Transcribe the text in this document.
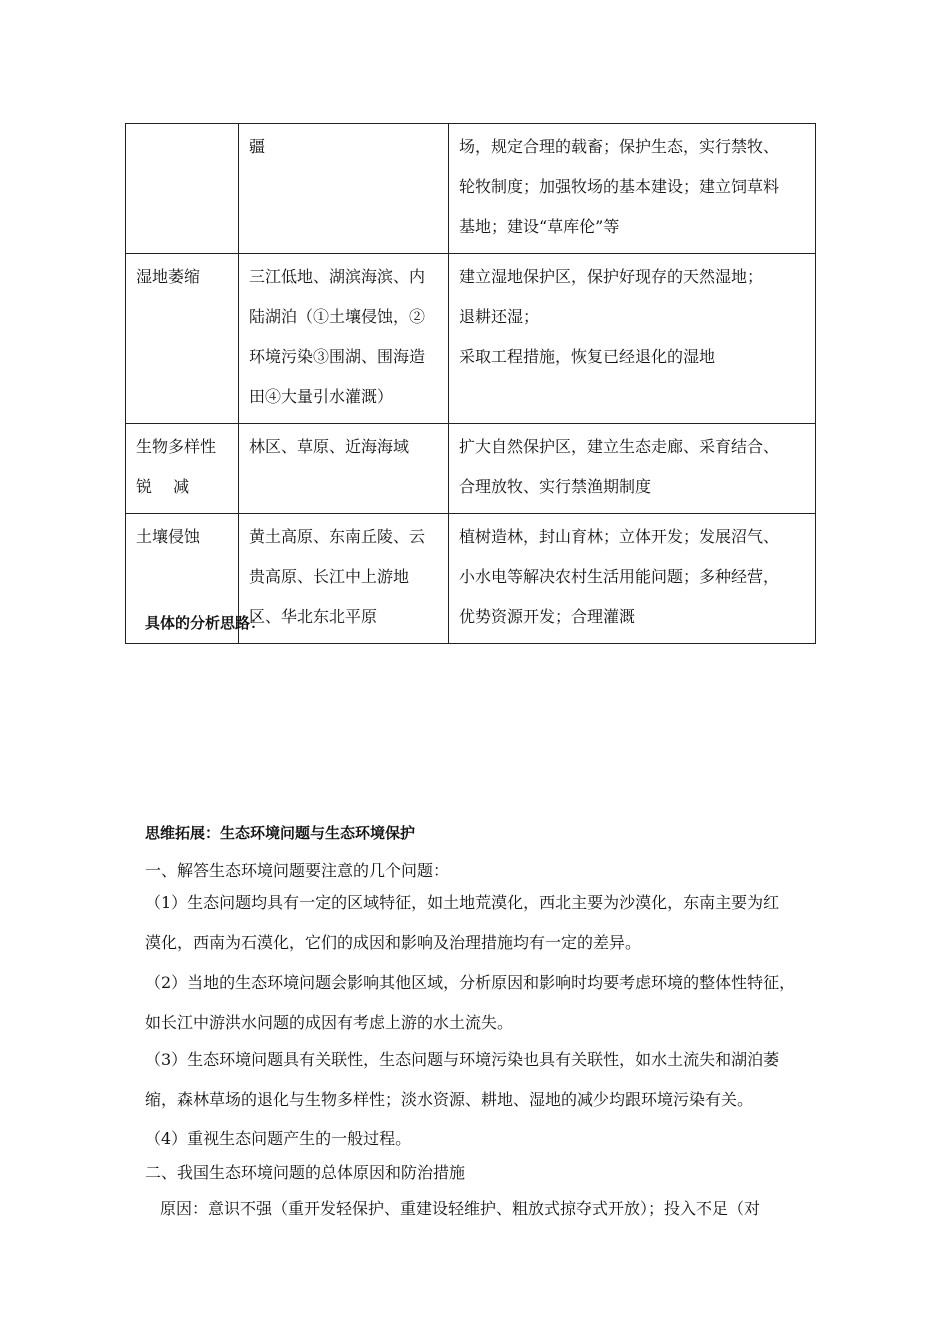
	疆	场，规定合理的载畜；保护生态，实行禁牧、
轮牧制度；加强牧场的基本建设；建立饲草料
基地；建设“草库伦”等
湿地萎缩	三江低地、湖滨海滨、内
陆湖泊（①土壤侵蚀，②
环境污染③围湖、围海造
田④大量引水灌溉）	建立湿地保护区，保护好现存的天然湿地；
退耕还湿；
采取工程措施，恢复已经退化的湿地
生物多样性
锐　 减	林区、草原、近海海域	扩大自然保护区，建立生态走廊、采育结合、
合理放牧、实行禁渔期制度
土壤侵蚀	黄土高原、东南丘陵、云
贵高原、长江中上游地
区、华北东北平原	植树造林，封山育林；立体开发；发展沼气、
小水电等解决农村生活用能问题；多种经营，
优势资源开发；合理灌溉
具体的分析思路：
思维拓展：生态环境问题与生态环境保护
一、解答生态环境问题要注意的几个问题：
（1）生态问题均具有一定的区域特征，如土地荒漠化，西北主要为沙漠化，东南主要为红
漠化，西南为石漠化，它们的成因和影响及治理措施均有一定的差异。
（2）当地的生态环境问题会影响其他区域，分析原因和影响时均要考虑环境的整体性特征，
如长江中游洪水问题的成因有考虑上游的水土流失。
（3）生态环境问题具有关联性，生态问题与环境污染也具有关联性，如水土流失和湖泊萎
缩，森林草场的退化与生物多样性；淡水资源、耕地、湿地的减少均跟环境污染有关。
（4）重视生态问题产生的一般过程。
二、我国生态环境问题的总体原因和防治措施
原因：意识不强（重开发轻保护、重建设轻维护、粗放式掠夺式开放）；投入不足（对
